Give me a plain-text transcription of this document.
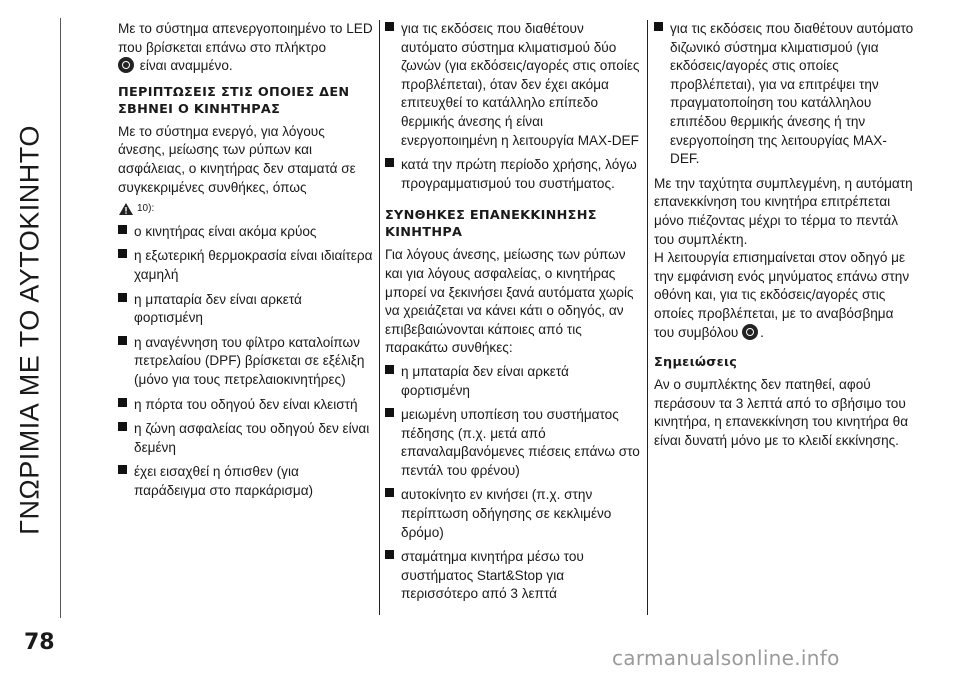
ΓΝΩΡΙΜΙΑ ΜΕ ΤΟ ΑΥΤΟΚΙΝΗΤΟ
78

Με το σύστημα απενεργοποιημένο το LED που βρίσκεται επάνω στο πλήκτρο
είναι αναμμένο.

ΠΕΡΙΠΤΩΣΕΙΣ ΣΤΙΣ ΟΠΟΙΕΣ ΔΕΝ ΣΒΗΝΕΙ Ο ΚΙΝΗΤΗΡΑΣ

Με το σύστημα ενεργό, για λόγους άνεσης, μείωσης των ρύπων και ασφάλειας, ο κινητήρας δεν σταματά σε συγκεκριμένες συνθήκες, όπως

10):
ο κινητήρας είναι ακόμα κρύος
η εξωτερική θερμοκρασία είναι ιδιαίτερα χαμηλή
η μπαταρία δεν είναι αρκετά φορτισμένη
η αναγέννηση του φίλτρο καταλοίπων πετρελαίου (DPF) βρίσκεται σε εξέλιξη (μόνο για τους πετρελαιοκινητήρες)
η πόρτα του οδηγού δεν είναι κλειστή
η ζώνη ασφαλείας του οδηγού δεν είναι δεμένη
έχει εισαχθεί η όπισθεν (για παράδειγμα στο παρκάρισμα)
για τις εκδόσεις που διαθέτουν αυτόματο σύστημα κλιματισμού δύο ζωνών (για εκδόσεις/αγορές στις οποίες προβλέπεται), όταν δεν έχει ακόμα επιτευχθεί το κατάλληλο επίπεδο θερμικής άνεσης ή είναι ενεργοποιημένη η λειτουργία MAX-DEF
κατά την πρώτη περίοδο χρήσης, λόγω προγραμματισμού του συστήματος.
ΣΥΝΘΗΚΕΣ ΕΠΑΝΕΚΚΙΝΗΣΗΣ ΚΙΝΗΤΗΡΑ

Για λόγους άνεσης, μείωσης των ρύπων και για λόγους ασφαλείας, ο κινητήρας μπορεί να ξεκινήσει ξανά αυτόματα χωρίς να χρειάζεται να κάνει κάτι ο οδηγός, αν επιβεβαιώνονται κάποιες από τις παρακάτω συνθήκες:

η μπαταρία δεν είναι αρκετά φορτισμένη
μειωμένη υποπίεση του συστήματος πέδησης (π.χ. μετά από επαναλαμβανόμενες πιέσεις επάνω στο πεντάλ του φρένου)
αυτοκίνητο εν κινήσει (π.χ. στην περίπτωση οδήγησης σε κεκλιμένο δρόμο)
σταμάτημα κινητήρα μέσω του συστήματος Start&Stop για περισσότερο από 3 λεπτά
για τις εκδόσεις που διαθέτουν αυτόματο διζωνικό σύστημα κλιματισμού (για εκδόσεις/αγορές στις οποίες προβλέπεται), για να επιτρέψει την πραγματοποίηση του κατάλληλου επιπέδου θερμικής άνεσης ή την ενεργοποίηση της λειτουργίας MAX-DEF.

Με την ταχύτητα συμπλεγμένη, η αυτόματη επανεκκίνηση του κινητήρα επιτρέπεται μόνο πιέζοντας μέχρι το τέρμα το πεντάλ του συμπλέκτη.

Η λειτουργία επισημαίνεται στον οδηγό με την εμφάνιση ενός μηνύματος επάνω στην οθόνη και, για τις εκδόσεις/αγορές στις οποίες προβλέπεται, με το αναβόσβημα του συμβόλου .

Σημειώσεις

Αν ο συμπλέκτης δεν πατηθεί, αφού περάσουν τα 3 λεπτά από το σβήσιμο του κινητήρα, η επανεκκίνηση του κινητήρα θα είναι δυνατή μόνο με το κλειδί εκκίνησης.

carmanualsonline.info
